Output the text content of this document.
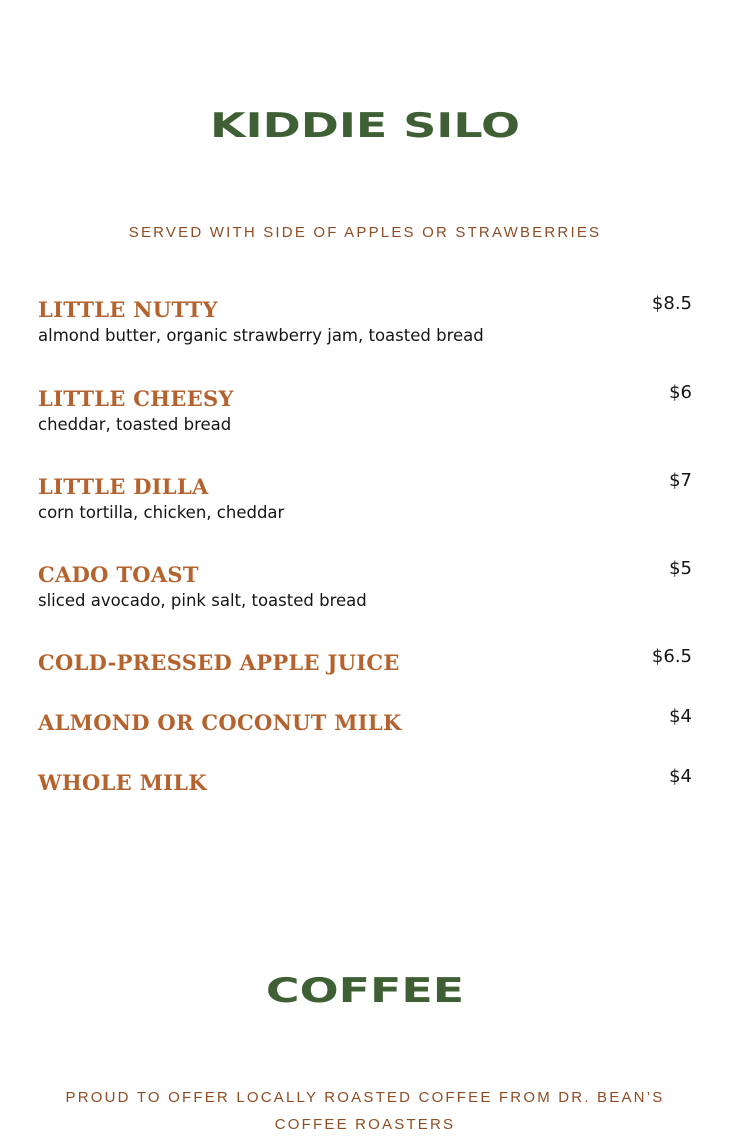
KIDDIE SILO
SERVED WITH SIDE OF APPLES OR STRAWBERRIES
LITTLE NUTTY
almond butter, organic strawberry jam, toasted bread
$8.5
LITTLE CHEESY
cheddar, toasted bread
$6
LITTLE DILLA
corn tortilla, chicken, cheddar
$7
CADO TOAST
sliced avocado, pink salt, toasted bread
$5
COLD-PRESSED APPLE JUICE	$6.5
ALMOND OR COCONUT MILK	$4
WHOLE MILK	$4
COFFEE
PROUD TO OFFER LOCALLY ROASTED COFFEE FROM DR. BEAN’S COFFEE ROASTERS
